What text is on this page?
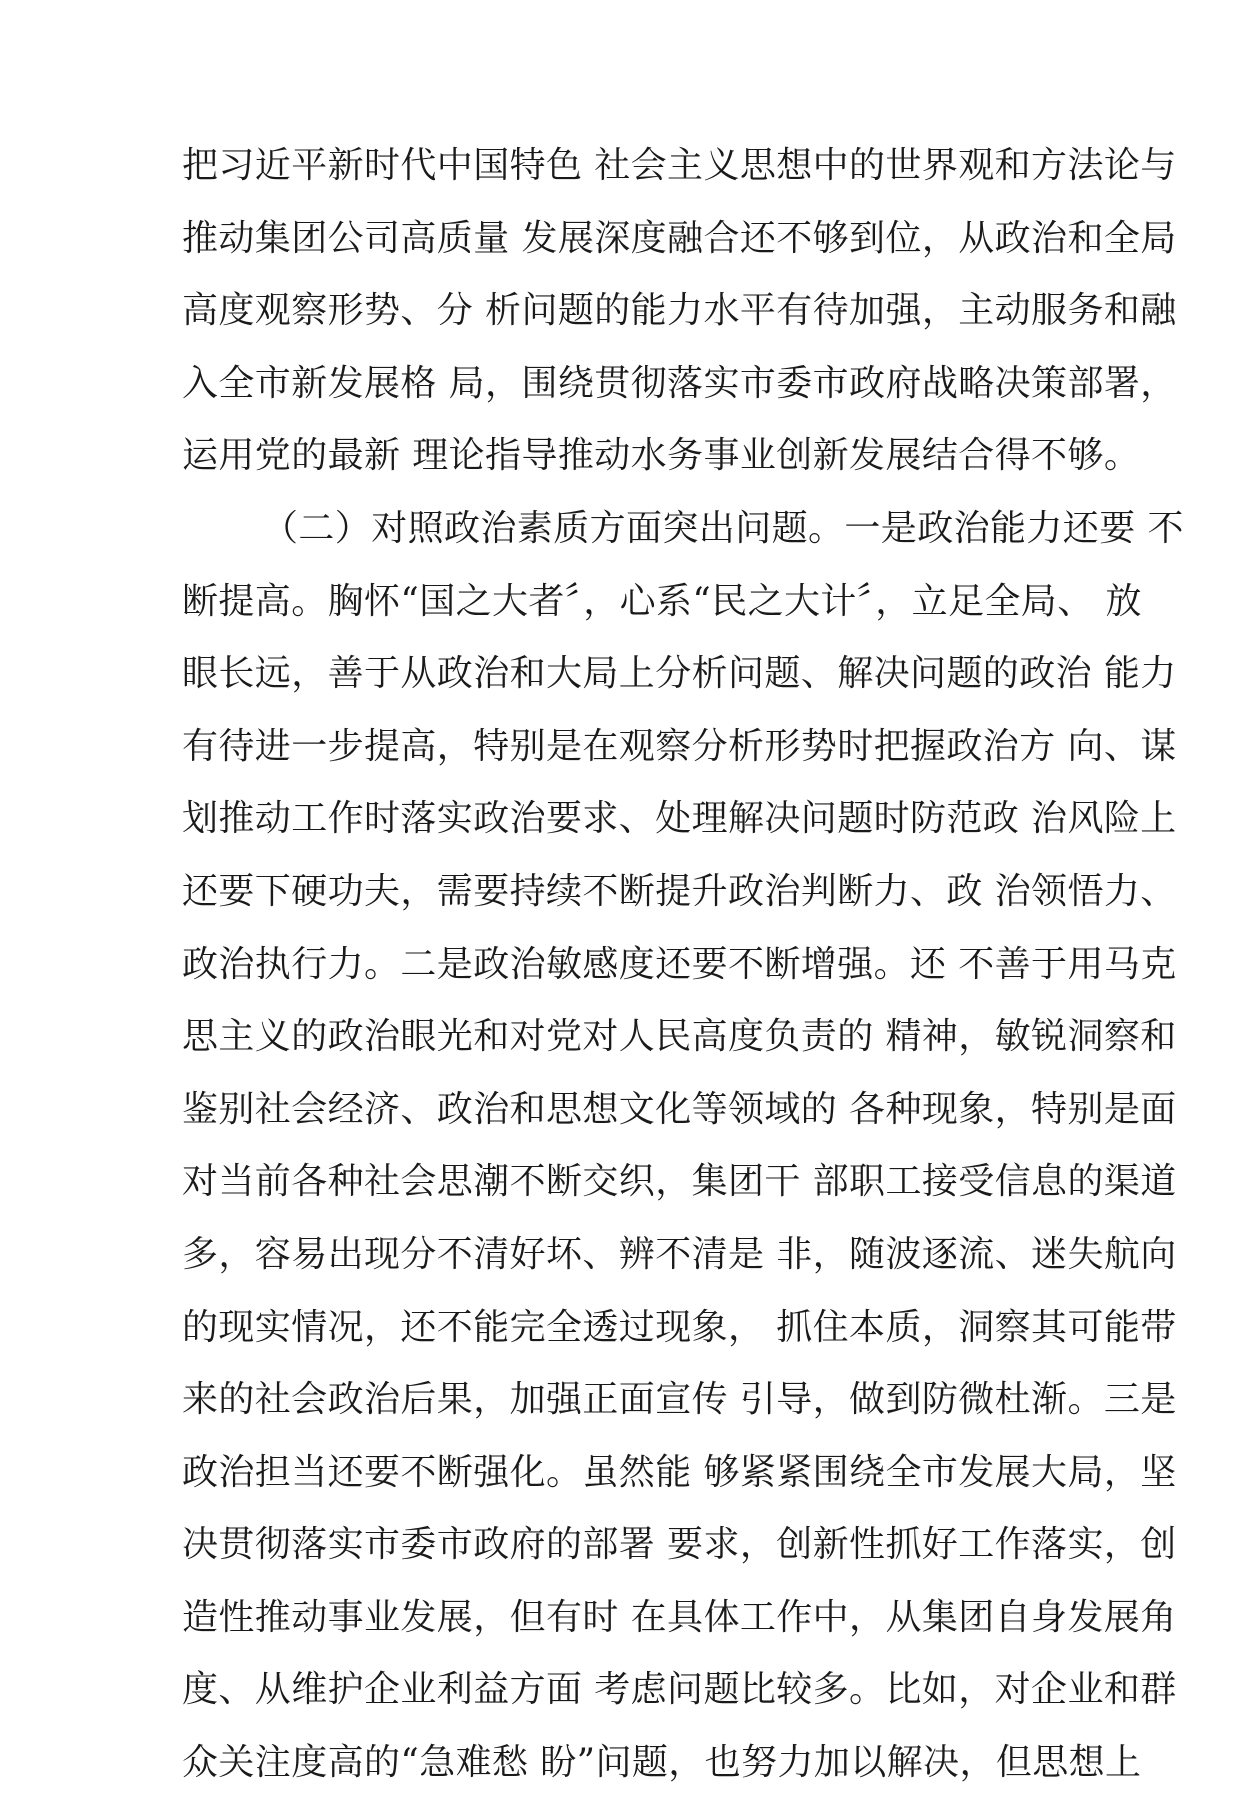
把习近平新时代中国特色 社会主义思想中的世界观和方法论与
推动集团公司高质量 发展深度融合还不够到位，从政治和全局
高度观察形势、分 析问题的能力水平有待加强，主动服务和融
入全市新发展格 局，围绕贯彻落实市委市政府战略决策部署，
运用党的最新 理论指导推动水务事业创新发展结合得不够。
（二）对照政治素质方面突出问题。一是政治能力还要 不
断提高。胸怀“国之大者〞，心系“民之大计〞，立足全局、 放
眼长远，善于从政治和大局上分析问题、解决问题的政治 能力
有待进一步提高，特别是在观察分析形势时把握政治方 向、谋
划推动工作时落实政治要求、处理解决问题时防范政 治风险上
还要下硬功夫，需要持续不断提升政治判断力、政 治领悟力、
政治执行力。二是政治敏感度还要不断增强。还 不善于用马克
思主义的政治眼光和对党对人民高度负责的 精神，敏锐洞察和
鉴别社会经济、政治和思想文化等领域的 各种现象，特别是面
对当前各种社会思潮不断交织，集团干 部职工接受信息的渠道
多，容易出现分不清好坏、辨不清是 非，随波逐流、迷失航向
的现实情况，还不能完全透过现象， 抓住本质，洞察其可能带
来的社会政治后果，加强正面宣传 引导，做到防微杜渐。三是
政治担当还要不断强化。虽然能 够紧紧围绕全市发展大局，坚
决贯彻落实市委市政府的部署 要求，创新性抓好工作落实，创
造性推动事业发展，但有时 在具体工作中，从集团自身发展角
度、从维护企业利益方面 考虑问题比较多。比如，对企业和群
众关注度高的“急难愁 盼”问题，也努力加以解决，但思想上
